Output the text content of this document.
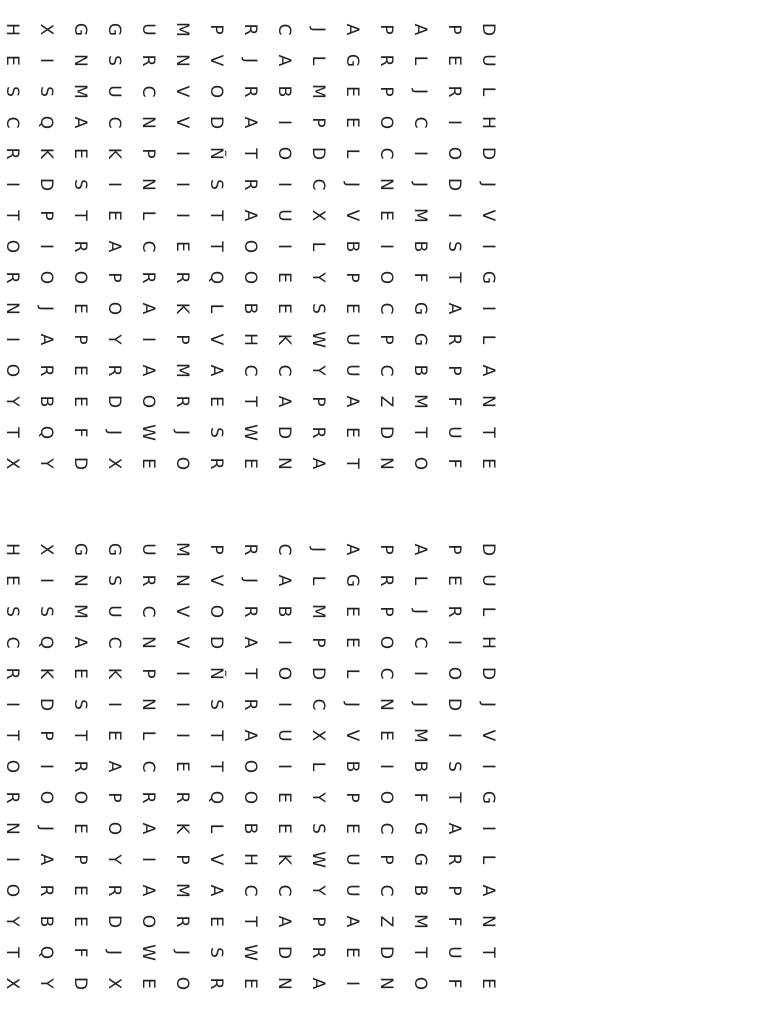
D
U
L
H
D
J
V
I
G
I
L
A
N
T
E
P
E
R
I
O
D
I
S
T
A
R
P
F
U
F
A
L
J
C
I
J
M
B
F
G
G
B
M
T
O
P
R
P
O
C
N
E
I
O
C
P
C
Z
D
N
A
G
E
E
L
J
V
B
P
E
U
U
A
E
T
J
L
M
P
D
C
X
L
Y
S
W
Y
P
R
A
C
A
B
I
O
I
U
I
E
E
K
C
A
D
N
R
J
R
A
T
R
A
O
O
B
H
C
T
W
E
P
V
O
D
Ñ
S
T
T
Q
L
V
A
E
S
R
M
N
V
V
I
I
I
E
R
K
P
M
R
J
O
U
R
C
N
P
N
L
C
R
A
I
A
O
W
E
G
S
U
C
K
I
E
A
P
O
Y
R
D
J
X
G
N
M
A
E
S
T
R
O
E
P
E
E
F
D
X
I
S
Q
K
D
P
I
O
J
A
R
B
Q
Y
H
E
S
C
R
I
T
O
R
N
I
O
Y
T
X
D
U
L
H
D
J
V
I
G
I
L
A
N
T
E
P
E
R
I
O
D
I
S
T
A
R
P
F
U
F
A
L
J
C
I
J
M
B
F
G
G
B
M
T
O
P
R
P
O
C
N
E
I
O
C
P
C
Z
D
N
A
G
E
E
L
J
V
B
P
E
U
U
A
E
I
J
L
M
P
D
C
X
L
Y
S
W
Y
P
R
A
C
A
B
I
O
I
U
I
E
E
K
C
A
D
N
R
J
R
A
T
R
A
O
O
B
H
C
T
W
E
P
V
O
D
Ñ
S
T
T
Q
L
V
A
E
S
R
M
N
V
V
I
I
I
E
R
K
P
M
R
J
O
U
R
C
N
P
N
L
C
R
A
I
A
O
W
E
G
S
U
C
K
I
E
A
P
O
Y
R
D
J
X
G
N
M
A
E
S
T
R
O
E
P
E
E
F
D
X
I
S
Q
K
D
P
I
O
J
A
R
B
Q
Y
H
E
S
C
R
I
T
O
R
N
I
O
Y
T
X
